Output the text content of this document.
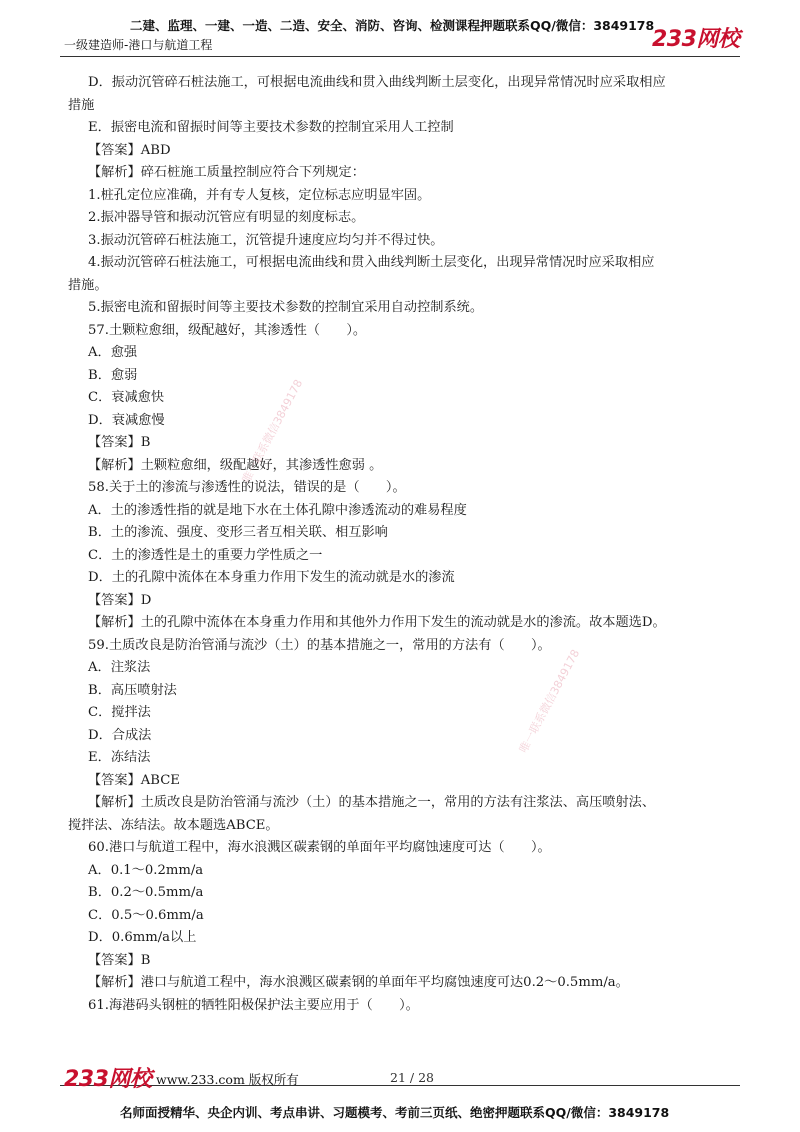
二建、监理、一建、一造、二造、安全、消防、咨询、检测课程押题联系QQ/微信：3849178
一级建造师-港口与航道工程	233网校
D．振动沉管碎石桩法施工，可根据电流曲线和贯入曲线判断土层变化，出现异常情况时应采取相应
措施
E．振密电流和留振时间等主要技术参数的控制宜采用人工控制
【答案】ABD
【解析】碎石桩施工质量控制应符合下列规定：
1.桩孔定位应准确，并有专人复核，定位标志应明显牢固。
2.振冲器导管和振动沉管应有明显的刻度标志。
3.振动沉管碎石桩法施工，沉管提升速度应均匀并不得过快。
4.振动沉管碎石桩法施工，可根据电流曲线和贯入曲线判断土层变化，出现异常情况时应采取相应
措施。
5.振密电流和留振时间等主要技术参数的控制宜采用自动控制系统。
57.土颗粒愈细，级配越好，其渗透性（　　）。
A．愈强
B．愈弱
C．衰减愈快
D．衰减愈慢
【答案】B
【解析】土颗粒愈细，级配越好，其渗透性愈弱 。
58.关于土的渗流与渗透性的说法，错误的是（　　）。
A．土的渗透性指的就是地下水在土体孔隙中渗透流动的难易程度
B．土的渗流、强度、变形三者互相关联、相互影响
C．土的渗透性是土的重要力学性质之一
D．土的孔隙中流体在本身重力作用下发生的流动就是水的渗流
【答案】D
【解析】土的孔隙中流体在本身重力作用和其他外力作用下发生的流动就是水的渗流。故本题选D。
59.土质改良是防治管涌与流沙（土）的基本措施之一，常用的方法有（　　）。
A．注浆法
B．高压喷射法
C．搅拌法
D．合成法
E．冻结法
【答案】ABCE
【解析】土质改良是防治管涌与流沙（土）的基本措施之一，常用的方法有注浆法、高压喷射法、
搅拌法、冻结法。故本题选ABCE。
60.港口与航道工程中，海水浪溅区碳素钢的单面年平均腐蚀速度可达（　　）。
A．0.1～0.2mm/a
B．0.2～0.5mm/a
C．0.5～0.6mm/a
D．0.6mm/a以上
【答案】B
【解析】港口与航道工程中，海水浪溅区碳素钢的单面年平均腐蚀速度可达0.2～0.5mm/a。
61.海港码头钢桩的牺牲阳极保护法主要应用于（　　）。
唯一联系微信3849178
唯一联系微信3849178
233网校 www.233.com 版权所有	21 / 28
名师面授精华、央企内训、考点串讲、习题模考、考前三页纸、绝密押题联系QQ/微信：3849178
